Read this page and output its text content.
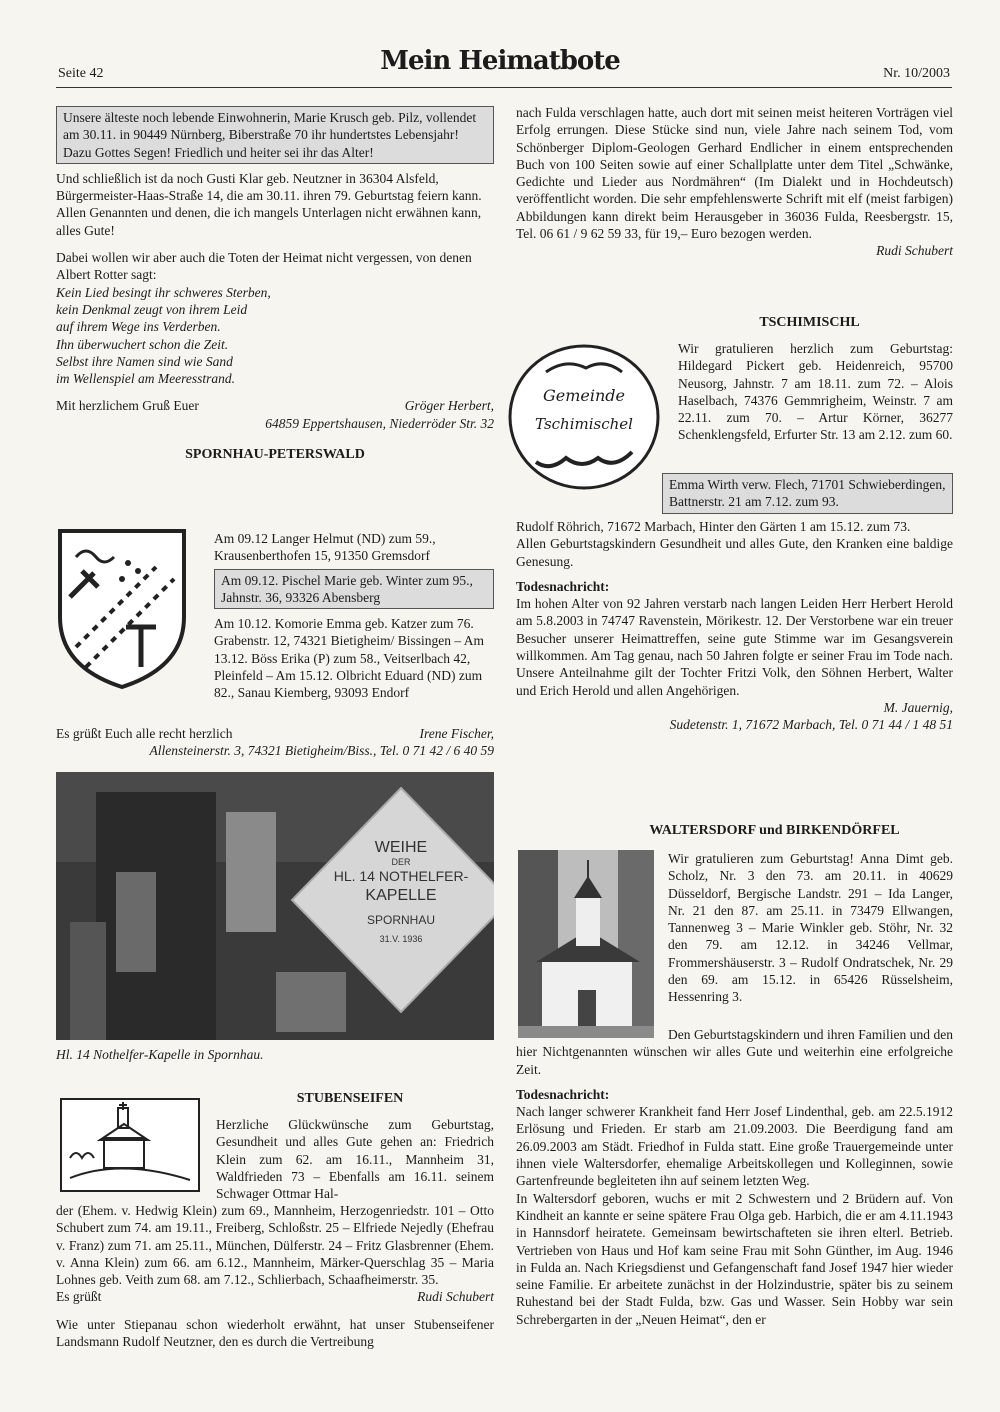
Seite 42	Mein Heimatbote	Nr. 10/2003

Unsere älteste noch lebende Einwohnerin, Marie Krusch geb. Pilz, vollendet am 30.11. in 90449 Nürnberg, Biberstraße 70 ihr hundertstes Lebensjahr! Dazu Gottes Segen! Friedlich und heiter sei ihr das Alter!

Und schließlich ist da noch Gusti Klar geb. Neutzner in 36304 Alsfeld, Bürgermeister-Haas-Straße 14, die am 30.11. ihren 79. Geburtstag feiern kann.

Allen Genannten und denen, die ich mangels Unterlagen nicht erwähnen kann, alles Gute!

Dabei wollen wir aber auch die Toten der Heimat nicht vergessen, von denen Albert Rotter sagt:

Kein Lied besingt ihr schweres Sterben,

kein Denkmal zeugt von ihrem Leid

auf ihrem Wege ins Verderben.

Ihn überwuchert schon die Zeit.

Selbst ihre Namen sind wie Sand

im Wellenspiel am Meeresstrand.

Mit herzlichem Gruß Euer	Gröger Herbert,

64859 Eppertshausen, Niederröder Str. 32

SPORNHAU-PETERSWALD

Am 09.12 Langer Helmut (ND) zum 59., Krausenberthofen 15, 91350 Gremsdorf

Am 09.12. Pischel Marie geb. Winter zum 95., Jahnstr. 36, 93326 Abensberg

Am 10.12. Komorie Emma geb. Katzer zum 76. Grabenstr. 12, 74321 Bietigheim/ Bissingen – Am 13.12. Böss Erika (P) zum 58., Veitserlbach 42, Pleinfeld – Am 15.12. Olbricht Eduard (ND) zum 82., Sanau Kiemberg, 93093 Endorf

Es grüßt Euch alle recht herzlich	Irene Fischer,

Allensteinerstr. 3, 74321 Bietigheim/Biss., Tel. 0 71 42 / 6 40 59

WEIHE
DER
HL. 14 NOTHELFER-
KAPELLE
SPORNHAU
31.V. 1936
Hl. 14 Nothelfer-Kapelle in Spornhau.

STUBENSEIFEN

Herzliche Glückwünsche zum Geburtstag, Gesundheit und alles Gute gehen an: Friedrich Klein zum 62. am 16.11., Mannheim 31, Waldfrieden 73 – Ebenfalls am 16.11. seinem Schwager Ottmar Hal-

der (Ehem. v. Hedwig Klein) zum 69., Mannheim, Herzogenriedstr. 101 – Otto Schubert zum 74. am 19.11., Freiberg, Schloßstr. 25 – Elfriede Nejedly (Ehefrau v. Franz) zum 71. am 25.11., München, Dülferstr. 24 – Fritz Glasbrenner (Ehem. v. Anna Klein) zum 66. am 6.12., Mannheim, Märker-Querschlag 35 – Maria Lohnes geb. Veith zum 68. am 7.12., Schlierbach, Schaafheimerstr. 35.

Es grüßt	Rudi Schubert

Wie unter Stiepanau schon wiederholt erwähnt, hat unser Stubenseifener Landsmann Rudolf Neutzner, den es durch die Vertreibung

nach Fulda verschlagen hatte, auch dort mit seinen meist heiteren Vorträgen viel Erfolg errungen. Diese Stücke sind nun, viele Jahre nach seinem Tod, vom Schönberger Diplom-Geologen Gerhard Endlicher in einem entsprechenden Buch von 100 Seiten sowie auf einer Schallplatte unter dem Titel „Schwänke, Gedichte und Lieder aus Nordmähren“ (Im Dialekt und in Hochdeutsch) veröffentlicht worden. Die sehr empfehlenswerte Schrift mit elf (meist farbigen) Abbildungen kann direkt beim Herausgeber in 36036 Fulda, Reesbergstr. 15, Tel. 06 61 / 9 62 59 33, für 19,– Euro bezogen werden.

Rudi Schubert

TSCHIMISCHL

Gemeinde
Tschimischel

Wir gratulieren herzlich zum Geburtstag: Hildegard Pickert geb. Heidenreich, 95700 Neusorg, Jahnstr. 7 am 18.11. zum 72. – Alois Haselbach, 74376 Gemmrigheim, Weinstr. 7 am 22.11. zum 70. – Artur Körner, 36277 Schenklengsfeld, Erfurter Str. 13 am 2.12. zum 60.

Emma Wirth verw. Flech, 71701 Schwieberdingen, Battnerstr. 21 am 7.12. zum 93.

Rudolf Röhrich, 71672 Marbach, Hinter den Gärten 1 am 15.12. zum 73.

Allen Geburtstagskindern Gesundheit und alles Gute, den Kranken eine baldige Genesung.

Todesnachricht:

Im hohen Alter von 92 Jahren verstarb nach langen Leiden Herr Herbert Herold am 5.8.2003 in 74747 Ravenstein, Mörikestr. 12. Der Verstorbene war ein treuer Besucher unserer Heimattreffen, seine gute Stimme war im Gesangsverein willkommen. Am Tag genau, nach 50 Jahren folgte er seiner Frau im Tode nach. Unsere Anteilnahme gilt der Tochter Fritzi Volk, den Söhnen Herbert, Walter und Erich Herold und allen Angehörigen.

M. Jauernig,

Sudetenstr. 1, 71672 Marbach, Tel. 0 71 44 / 1 48 51

WALTERSDORF und BIRKENDÖRFEL

Wir gratulieren zum Geburtstag! Anna Dimt geb. Scholz, Nr. 3 den 73. am 20.11. in 40629 Düsseldorf, Bergische Landstr. 291 – Ida Langer, Nr. 21 den 87. am 25.11. in 73479 Ellwangen, Tannenweg 3 – Marie Winkler geb. Stöhr, Nr. 32 den 79. am 12.12. in 34246 Vellmar, Frommershäuserstr. 3 – Rudolf Ondratschek, Nr. 29 den 69. am 15.12. in 65426 Rüsselsheim, Hessenring 3.

Den Geburtstagskindern und ihren Familien und den hier Nichtgenannten wünschen wir alles Gute und weiterhin eine erfolgreiche Zeit.

Todesnachricht:

Nach langer schwerer Krankheit fand Herr Josef Lindenthal, geb. am 22.5.1912 Erlösung und Frieden. Er starb am 21.09.2003. Die Beerdigung fand am 26.09.2003 am Städt. Friedhof in Fulda statt. Eine große Trauergemeinde unter ihnen viele Waltersdorfer, ehemalige Arbeitskollegen und Kolleginnen, sowie Gartenfreunde begleiteten ihn auf seinem letzten Weg.

In Waltersdorf geboren, wuchs er mit 2 Schwestern und 2 Brüdern auf. Von Kindheit an kannte er seine spätere Frau Olga geb. Harbich, die er am 4.11.1943 in Hannsdorf heiratete. Gemeinsam bewirtschafteten sie ihren elterl. Betrieb. Vertrieben von Haus und Hof kam seine Frau mit Sohn Günther, im Aug. 1946 in Fulda an. Nach Kriegsdienst und Gefangenschaft fand Josef 1947 hier wieder seine Familie. Er arbeitete zunächst in der Holzindustrie, später bis zu seinem Ruhestand bei der Stadt Fulda, bzw. Gas und Wasser. Sein Hobby war sein Schrebergarten in der „Neuen Heimat“, den er
